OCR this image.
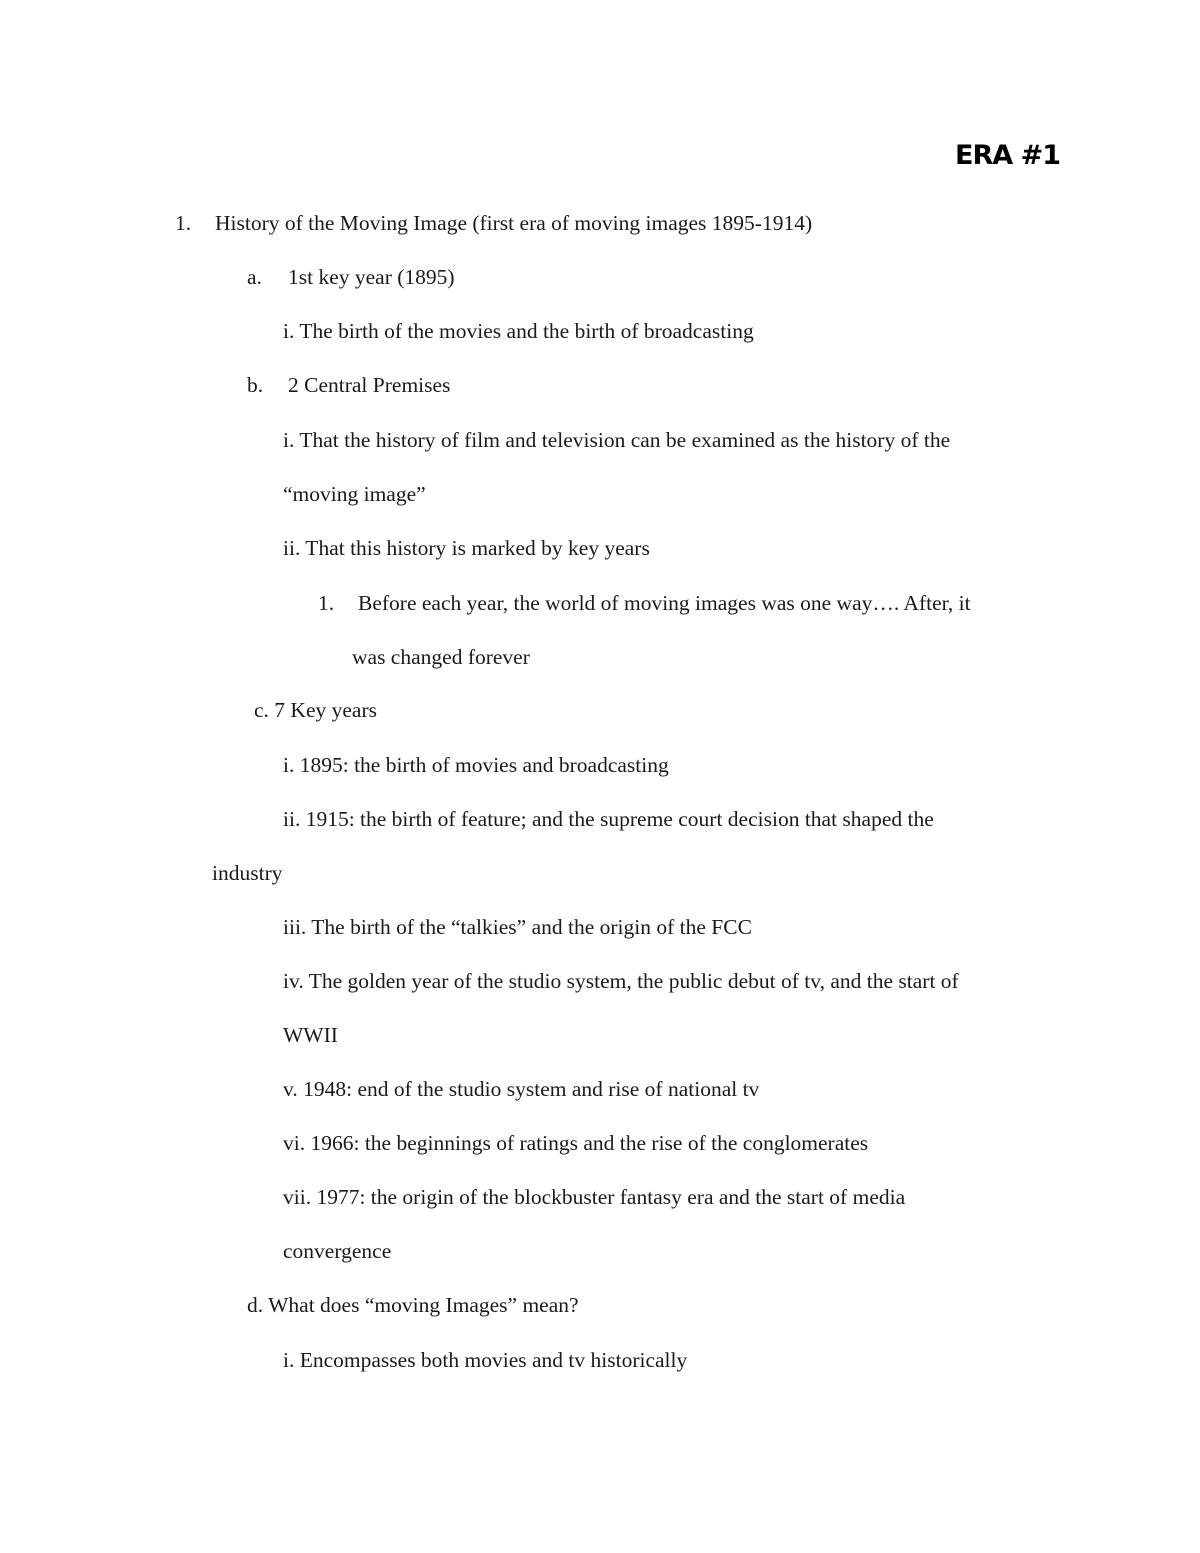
ERA #1
1. History of the Moving Image (first era of moving images 1895-1914)
a. 1st key year (1895)
i. The birth of the movies and the birth of broadcasting
b. 2 Central Premises
i. That the history of film and television can be examined as the history of the
“moving image”
ii. That this history is marked by key years
1. Before each year, the world of moving images was one way…. After, it
was changed forever
c. 7 Key years
i. 1895: the birth of movies and broadcasting
ii. 1915: the birth of feature; and the supreme court decision that shaped the
industry
iii. The birth of the “talkies” and the origin of the FCC
iv. The golden year of the studio system, the public debut of tv, and the start of
WWII
v. 1948: end of the studio system and rise of national tv
vi. 1966: the beginnings of ratings and the rise of the conglomerates
vii. 1977: the origin of the blockbuster fantasy era and the start of media
convergence
d. What does “moving Images” mean?
i. Encompasses both movies and tv historically
